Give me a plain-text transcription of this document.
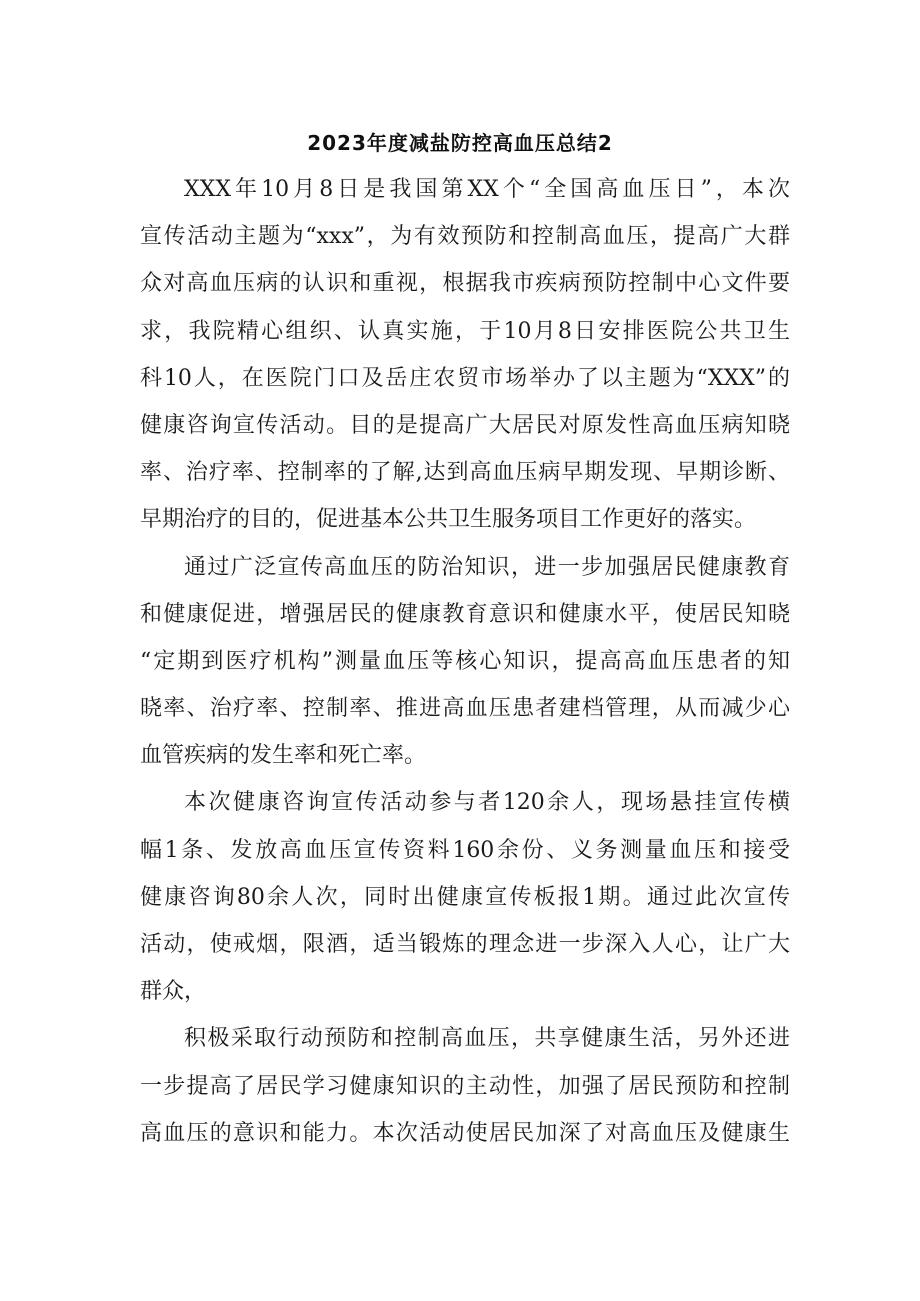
2023年度减盐防控高血压总结2
XXX年10月8日是我国第XX个“全国高血压日”，本次
宣传活动主题为“xxx”，为有效预防和控制高血压，提高广大群
众对高血压病的认识和重视，根据我市疾病预防控制中心文件要
求，我院精心组织、认真实施，于10月8日安排医院公共卫生
科10人，在医院门口及岳庄农贸市场举办了以主题为“XXX”的
健康咨询宣传活动。目的是提高广大居民对原发性高血压病知晓
率、治疗率、控制率的了解,达到高血压病早期发现、早期诊断、
早期治疗的目的，促进基本公共卫生服务项目工作更好的落实。
通过广泛宣传高血压的防治知识，进一步加强居民健康教育
和健康促进，增强居民的健康教育意识和健康水平，使居民知晓
“定期到医疗机构”测量血压等核心知识，提高高血压患者的知
晓率、治疗率、控制率、推进高血压患者建档管理，从而减少心
血管疾病的发生率和死亡率。
本次健康咨询宣传活动参与者120余人，现场悬挂宣传横
幅1条、发放高血压宣传资料160余份、义务测量血压和接受
健康咨询80余人次，同时出健康宣传板报1期。通过此次宣传
活动，使戒烟，限酒，适当锻炼的理念进一步深入人心，让广大
群众，
积极采取行动预防和控制高血压，共享健康生活，另外还进
一步提高了居民学习健康知识的主动性，加强了居民预防和控制
高血压的意识和能力。本次活动使居民加深了对高血压及健康生
